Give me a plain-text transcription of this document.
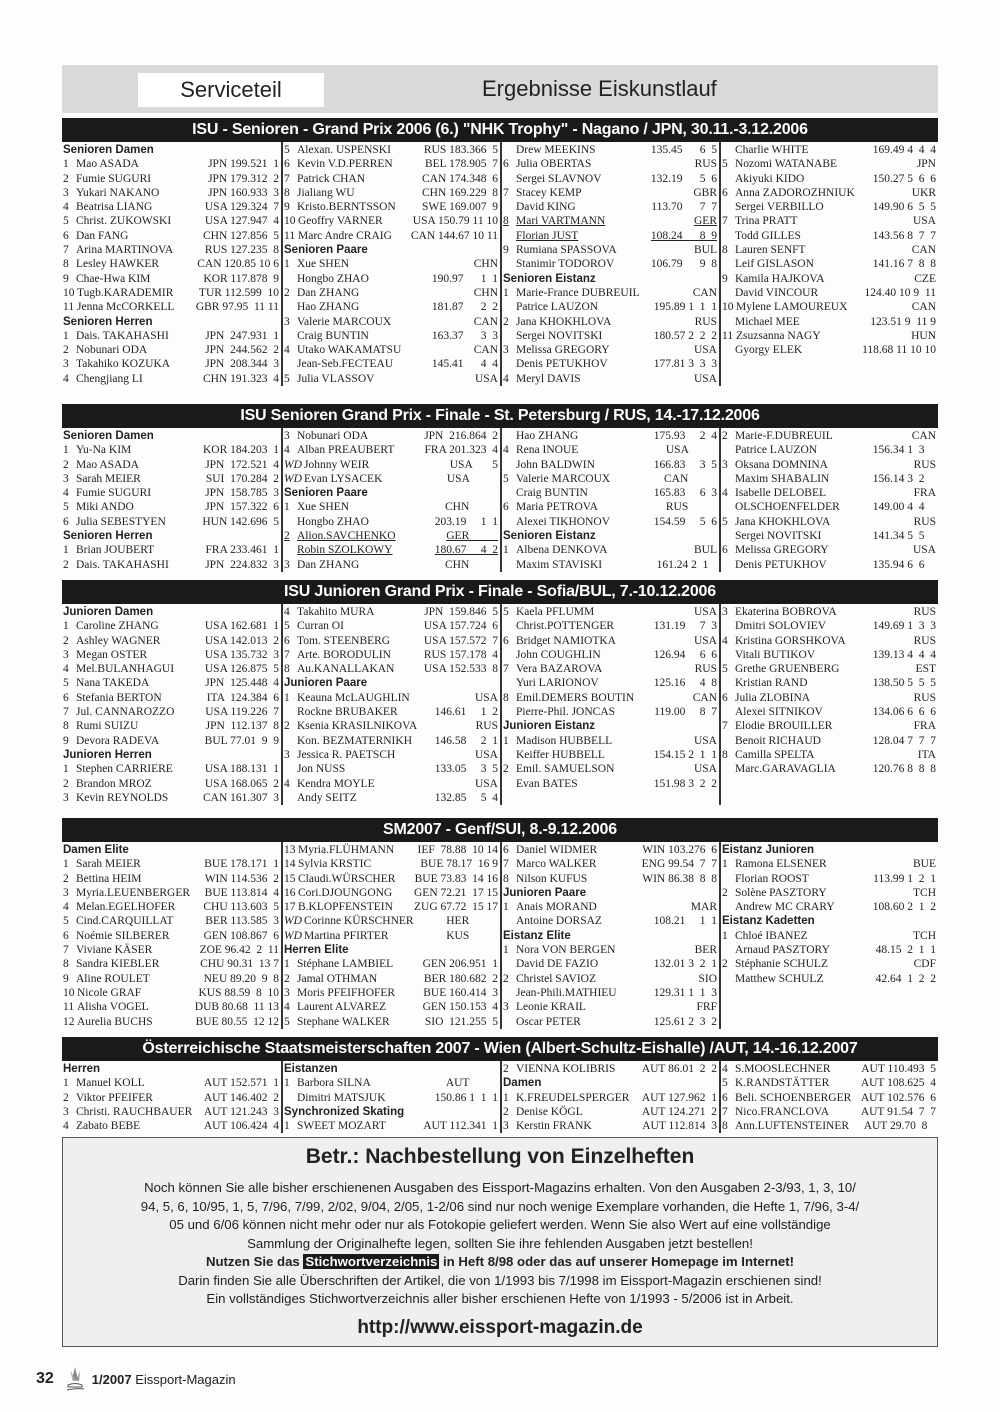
Serviceteil	Ergebnisse Eiskunstlauf
ISU - Senioren - Grand Prix 2006 (6.) "NHK Trophy" - Nagano / JPN, 30.11.-3.12.2006
Senioren Damen
1 Mao ASADA	JPN 199.521  1
2 Fumie SUGURI	JPN 179.312  2
3 Yukari NAKANO	JPN 160.933  3
4 Beatrisa LIANG	USA 129.324  7
5 Christ. ZUKOWSKI	USA 127.947  4
6 Dan FANG	CHN 127.856  5
7 Arina MARTINOVA	RUS 127.235  8
8 Lesley HAWKER	CAN 120.85 10 6
9 Chae-Hwa KIM	KOR 117.878  9
10 Tugb.KARADEMIR	TUR 112.599  10
11 Jenna McCORKELL	GBR 97.95  11 11
Senioren Herren
1 Dais. TAKAHASHI	JPN  247.931  1
2 Nobunari ODA	JPN  244.562  2
3 Takahiko KOZUKA	JPN  208.344  3
4 Chengjiang LI	CHN 191.323  4
5 Alexan. USPENSKI	RUS 183.366  5
6 Kevin V.D.PERREN	BEL 178.905  7
7 Patrick CHAN	CAN 174.348  6
8 Jialiang WU	CHN 169.229  8
9 Kristo.BERNTSSON	SWE 169.007  9
10 Geoffry VARNER	USA 150.79 11 10
11 Marc Andre CRAIG	CAN 144.67 10 11
Senioren Paare
1 Xue SHEN	CHN
Hongbo ZHAO	190.97      1  1
2 Dan ZHANG	CHN
Hao ZHANG	181.87      2  2
3 Valerie MARCOUX	CAN
Craig BUNTIN	163.37      3  3
4 Utako WAKAMATSU	CAN
Jean-Seb.FECTEAU	145.41      4  4
5 Julia VLASSOV	USA
Drew MEEKINS	135.45      6  5
6 Julia OBERTAS	RUS
Sergei SLAVNOV	132.19      5  6
7 Stacey KEMP	GBR
David KING	113.70      7  7
8 Mari VARTMANN	GER
Florian JUST	108.24      8  9
9 Rumiana SPASSOVA	BUL
Stanimir TODOROV	106.79      9  8
Senioren Eistanz
1 Marie-France DUBREUIL	CAN
Patrice LAUZON	195.89 1  1  1
2 Jana KHOKHLOVA	RUS
Sergei NOVITSKI	180.57 2  2  2
3 Melissa GREGORY	USA
Denis PETUKHOV	177.81 3  3  3
4 Meryl DAVIS	USA
Charlie WHITE	169.49 4  4  4
5 Nozomi WATANABE	JPN
Akiyuki KIDO	150.27 5  6  6
6 Anna ZADOROZHNIUK	UKR
Sergei VERBILLO	149.90 6  5  5
7 Trina PRATT	USA
Todd GILLES	143.56 8  7  7
8 Lauren SENFT	CAN
Leif GISLASON	141.16 7  8  8
9 Kamila HAJKOVA	CZE
David VINCOUR	124.40 10 9  11
10 Mylene LAMOUREUX	CAN
Michael MEE	123.51 9  11 9
11 Zsuzsanna NAGY	HUN
Gyorgy ELEK	118.68 11 10 10
ISU Senioren Grand Prix - Finale - St. Petersburg / RUS, 14.-17.12.2006
Senioren Damen
1 Yu-Na KIM	KOR 184.203  1
2 Mao ASADA	JPN  172.521  4
3 Sarah MEIER	SUI  170.284  2
4 Fumie SUGURI	JPN  158.785  3
5 Miki ANDO	JPN  157.322  6
6 Julia SEBESTYEN	HUN 142.696  5
Senioren Herren
1 Brian JOUBERT	FRA 233.461  1
2 Dais. TAKAHASHI	JPN  224.832  3
3 Nobunari ODA	JPN  216.864  2
4 Alban PREAUBERT	FRA 201.323  4
WD Johnny WEIR	USA       5
WD Evan LYSACEK	USA
Senioren Paare
1 Xue SHEN	CHN
Hongbo ZHAO	203.19     1  1
2 Alion.SAVCHENKO	GER
Robin SZOLKOWY	180.67     4  2
3 Dan ZHANG	CHN
Hao ZHANG	175.93     2  4
4 Rena INOUE	USA
John BALDWIN	166.83     3  5
5 Valerie MARCOUX	CAN
Craig BUNTIN	165.83     6  3
6 Maria PETROVA	RUS
Alexei TIKHONOV	154.59     5  6
Senioren Eistanz
1 Albena DENKOVA	BUL
Maxim STAVISKI	161.24 2  1
2 Marie-F.DUBREUIL	CAN
Patrice LAUZON	156.34 1  3
3 Oksana DOMNINA	RUS
Maxim SHABALIN	156.14 3  2
4 Isabelle DELOBEL	FRA
OLSCHOENFELDER	149.00 4  4
5 Jana KHOKHLOVA	RUS
Sergei NOVITSKI	141.34 5  5
6 Melissa GREGORY	USA
Denis PETUKHOV	135.94 6  6
ISU Junioren Grand Prix - Finale - Sofia/BUL, 7.-10.12.2006
Junioren Damen
1 Caroline ZHANG	USA 162.681  1
2 Ashley WAGNER	USA 142.013  2
3 Megan OSTER	USA 135.732  3
4 Mel.BULANHAGUI	USA 126.875  5
5 Nana TAKEDA	JPN  125.448  4
6 Stefania BERTON	ITA  124.384  6
7 Jul. CANNAROZZO	USA 119.226  7
8 Rumi SUIZU	JPN  112.137  8
9 Devora RADEVA	BUL 77.01  9  9
Junioren Herren
1 Stephen CARRIERE	USA 188.131  1
2 Brandon MROZ	USA 168.065  2
3 Kevin REYNOLDS	CAN 161.307  3
4 Takahito MURA	JPN  159.846  5
5 Curran OI	USA 157.724  6
6 Tom. STEENBERG	USA 157.572  7
7 Arte. BORODULIN	RUS 157.178  4
8 Au.KANALLAKAN	USA 152.533  8
Junioren Paare
1 Keauna McLAUGHLIN	USA
Rockne BRUBAKER	146.61     1  2
2 Ksenia KRASILNIKOVA	RUS
Kon. BEZMATERNIKH	146.58     2  1
3 Jessica R. PAETSCH	USA
Jon NUSS	133.05     3  5
4 Kendra MOYLE	USA
Andy SEITZ	132.85     5  4
5 Kaela PFLUMM	USA
Christ.POTTENGER	131.19     7  3
6 Bridget NAMIOTKA	USA
John COUGHLIN	126.94     6  6
7 Vera BAZAROVA	RUS
Yuri LARIONOV	125.16     4  8
8 Emil.DEMERS BOUTIN	CAN
Pierre-Phil. JONCAS	119.00     8  7
Junioren Eistanz
1 Madison HUBBELL	USA
Keiffer HUBBELL	154.15 2  1  1
2 Emil. SAMUELSON	USA
Evan BATES	151.98 3  2  2
3 Ekaterina BOBROVA	RUS
Dmitri SOLOVIEV	149.69 1  3  3
4 Kristina GORSHKOVA	RUS
Vitali BUTIKOV	139.13 4  4  4
5 Grethe GRUENBERG	EST
Kristian RAND	138.50 5  5  5
6 Julia ZLOBINA	RUS
Alexei SITNIKOV	134.06 6  6  6
7 Elodie BROUILLER	FRA
Benoit RICHAUD	128.04 7  7  7
8 Camilla SPELTA	ITA
Marc.GARAVAGLIA	120.76 8  8  8
SM2007 - Genf/SUI, 8.-9.12.2006
Damen Elite
1 Sarah MEIER	BUE 178.171  1
2 Bettina HEIM	WIN 114.536  2
3 Myria.LEUENBERGER	BUE 113.814  4
4 Melan.EGELHOFER	CHU 113.603  5
5 Cind.CARQUILLAT	BER 113.585  3
6 Noémie SILBERER	GEN 108.867  6
7 Viviane KÄSER	ZOE 96.42  2  11
8 Sandra KIEBLER	CHU 90.31  13 7
9 Aline ROULET	NEU 89.20  9  8
10 Nicole GRAF	KUS 88.59  8  10
11 Alisha VOGEL	DUB 80.68  11 13
12 Aurelia BUCHS	BUE 80.55  12 12
13 Myria.FLÜHMANN	IEF  78.88  10 14
14 Sylvia KRSTIC	BUE 78.17  16 9
15 Claudi.WÜRSCHER	BUE 73.83  14 16
16 Cori.DJOUNGONG	GEN 72.21  17 15
17 B.KLOPFENSTEIN	ZUG 67.72  15 17
WD Corinne KÜRSCHNER	HER
WD Martina PFIRTER	KUS
Herren Elite
1 Stéphane LAMBIEL	GEN 206.951  1
2 Jamal OTHMAN	BER 180.682  2
3 Moris PFEIFHOFER	BUE 160.414  3
4 Laurent ALVAREZ	GEN 150.153  4
5 Stephane WALKER	SIO  121.255  5
6 Daniel WIDMER	WIN 103.276  6
7 Marco WALKER	ENG 99.54  7  7
8 Nilson KUFUS	WIN 86.38  8  8
Junioren Paare
1 Anais MORAND	MAR
Antoine DORSAZ	108.21     1  1
Eistanz Elite
1 Nora VON BERGEN	BER
David DE FAZIO	132.01 3  2  1
2 Christel SAVIOZ	SIO
Jean-Phili.MATHIEU	129.31 1  1  3
3 Leonie KRAIL	FRF
Oscar PETER	125.61 2  3  2
Eistanz Junioren
1 Ramona ELSENER	BUE
Florian ROOST	113.99 1  2  1
2 Solène PASZTORY	TCH
Andrew MC CRARY	108.60 2  1  2
Eistanz Kadetten
1 Chloé IBANEZ	TCH
Arnaud PASZTORY	48.15  2  1  1
2 Stéphanie SCHULZ	CDF
Matthew SCHULZ	42.64  1  2  2
Österreichische Staatsmeisterschaften 2007 - Wien (Albert-Schultz-Eishalle) /AUT, 14.-16.12.2007
Herren
1 Manuel KOLL	AUT 152.571  1
2 Viktor PFEIFER	AUT 146.402  2
3 Christi. RAUCHBAUER	AUT 121.243  3
4 Zabato BEBE	AUT 106.424  4
Eistanzen
1 Barbora SILNA	AUT
Dimitri MATSJUK	150.86 1  1  1
Synchronized Skating
1 SWEET MOZART	AUT 112.341  1
2 VIENNA KOLIBRIS	AUT 86.01  2  2
Damen
1 K.FREUDELSPERGER	AUT 127.962  1
2 Denise KÖGL	AUT 124.271  2
3 Kerstin FRANK	AUT 112.814  3
4 S.MOOSLECHNER	AUT 110.493  5
5 K.RANDSTÄTTER	AUT 108.625  4
6 Beli. SCHOENBERGER AUT 102.576  6
7 Nico.FRANCLOVA	AUT 91.54  7  7
8 Ann.LUFTENSTEINER	AUT 29.70  8
Betr.: Nachbestellung von Einzelheften

Noch können Sie alle bisher erschienenen Ausgaben des Eissport-Magazins erhalten. Von den Ausgaben 2-3/93, 1, 3, 10/

94, 5, 6, 10/95, 1, 5, 7/96, 7/99, 2/02, 9/04, 2/05, 1-2/06 sind nur noch wenige Exemplare vorhanden, die Hefte 1, 7/96, 3-4/

05 und 6/06 können nicht mehr oder nur als Fotokopie geliefert werden. Wenn Sie also Wert auf eine vollständige

Sammlung der Originalhefte legen, sollten Sie ihre fehlenden Ausgaben jetzt bestellen!

Nutzen Sie das Stichwortverzeichnis in Heft 8/98 oder das auf unserer Homepage im Internet!

Darin finden Sie alle Überschriften der Artikel, die von 1/1993 bis 7/1998 im Eissport-Magazin erschienen sind!

Ein vollständiges Stichwortverzeichnis aller bisher erschienen Hefte von 1/1993 - 5/2006 ist in Arbeit.

http://www.eissport-magazin.de

32	1/2007 Eissport-Magazin
